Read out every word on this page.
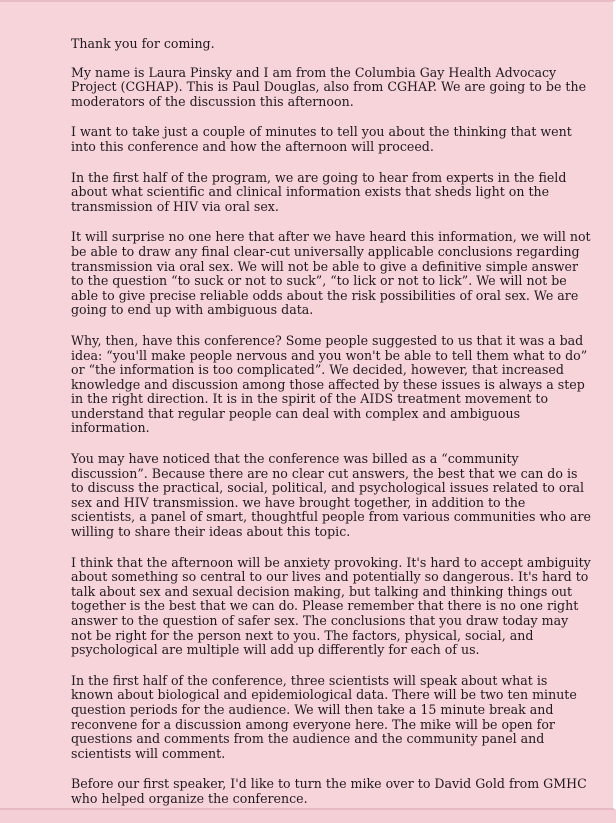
Thank you for coming.

My name is Laura Pinsky and I am from the Columbia Gay Health Advocacy Project (CGHAP). This is Paul Douglas, also from CGHAP. We are going to be the moderators of the discussion this afternoon.

I want to take just a couple of minutes to tell you about the thinking that went into this conference and how the afternoon will proceed.

In the first half of the program, we are going to hear from experts in the field about what scientific and clinical information exists that sheds light on the transmission of HIV via oral sex.

It will surprise no one here that after we have heard this information, we will not be able to draw any final clear-cut universally applicable conclusions regarding transmission via oral sex. We will not be able to give a definitive simple answer to the question “to suck or not to suck”, “to lick or not to lick”. We will not be able to give precise reliable odds about the risk possibilities of oral sex. We are going to end up with ambiguous data.

Why, then, have this conference? Some people suggested to us that it was a bad idea: “you'll make people nervous and you won't be able to tell them what to do” or “the information is too complicated”. We decided, however, that increased knowledge and discussion among those affected by these issues is always a step in the right direction. It is in the spirit of the AIDS treatment movement to understand that regular people can deal with complex and ambiguous information.

You may have noticed that the conference was billed as a “community discussion”. Because there are no clear cut answers, the best that we can do is to discuss the practical, social, political, and psychological issues related to oral sex and HIV transmission. we have brought together, in addition to the scientists, a panel of smart, thoughtful people from various communities who are willing to share their ideas about this topic.

I think that the afternoon will be anxiety provoking. It's hard to accept ambiguity about something so central to our lives and potentially so dangerous. It's hard to talk about sex and sexual decision making, but talking and thinking things out together is the best that we can do. Please remember that there is no one right answer to the question of safer sex. The conclusions that you draw today may not be right for the person next to you. The factors, physical, social, and psychological are multiple will add up differently for each of us.

In the first half of the conference, three scientists will speak about what is known about biological and epidemiological data. There will be two ten minute question periods for the audience. We will then take a 15 minute break and reconvene for a discussion among everyone here. The mike will be open for questions and comments from the audience and the community panel and scientists will comment.

Before our first speaker, I'd like to turn the mike over to David Gold from GMHC who helped organize the conference.
